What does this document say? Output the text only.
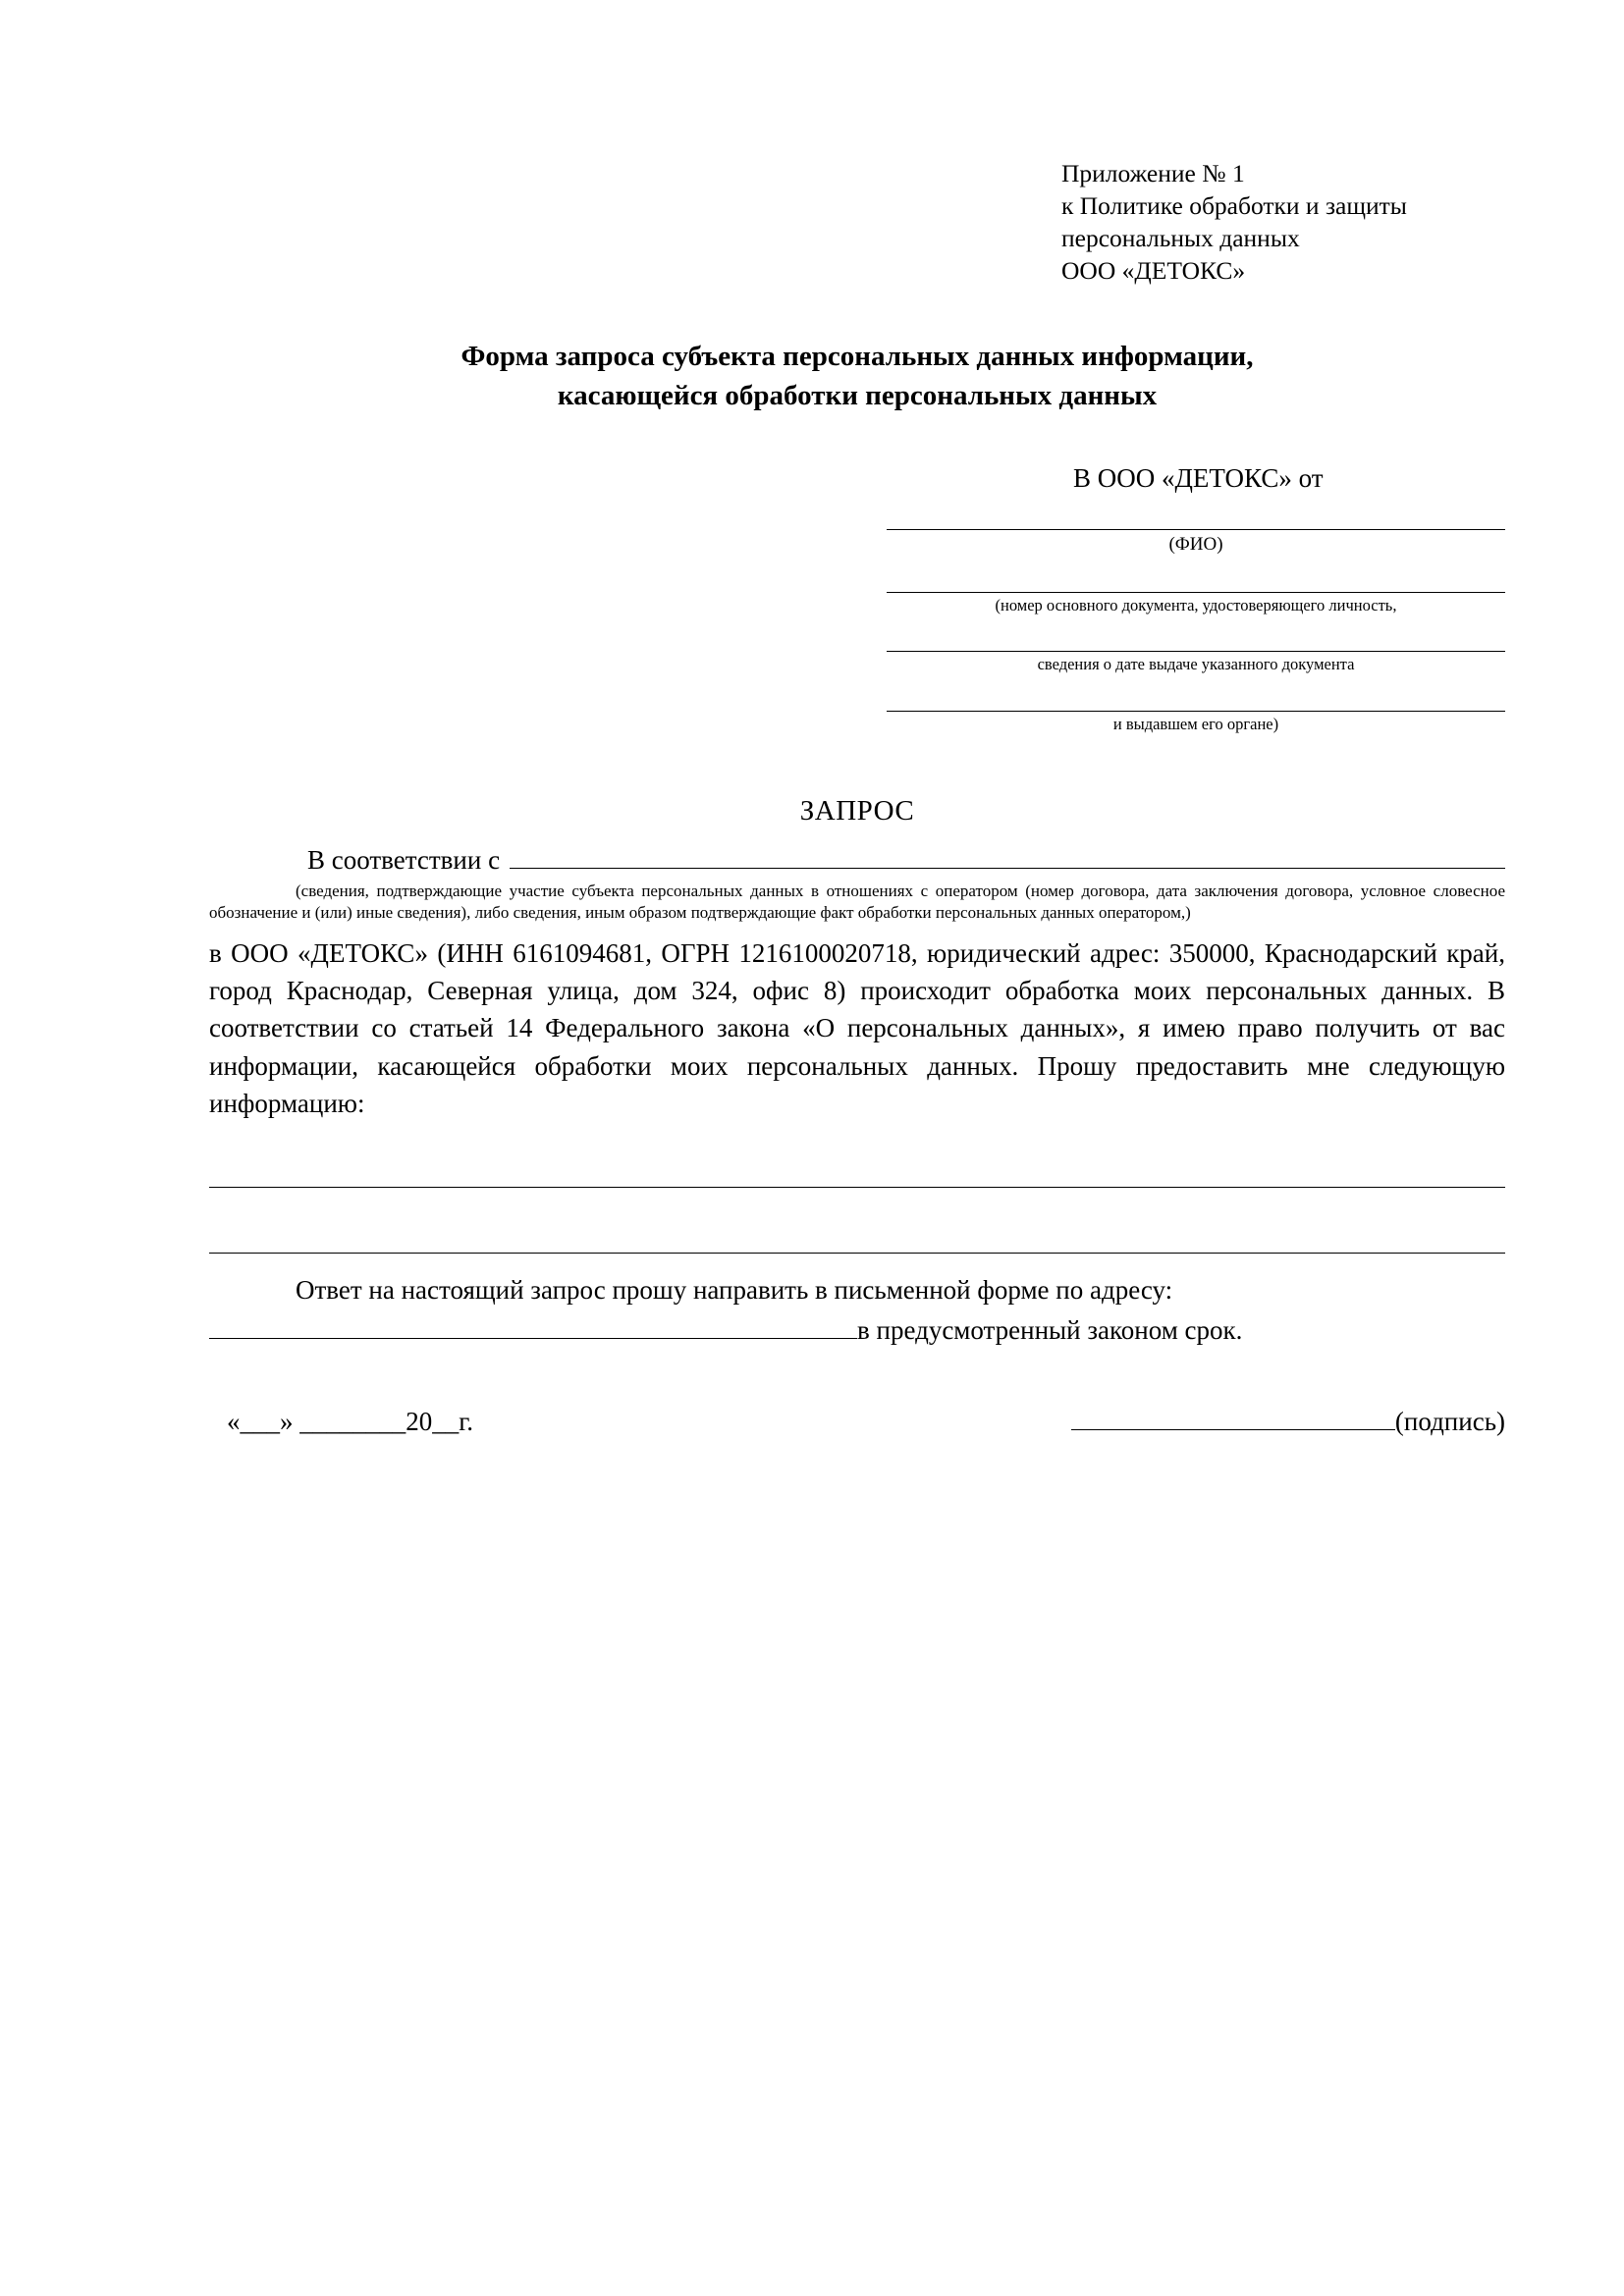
Приложение № 1
к Политике обработки и защиты
персональных данных
ООО «ДЕТОКС»
Форма запроса субъекта персональных данных информации,
касающейся обработки персональных данных
В ООО «ДЕТОКС» от
(ФИО)
(номер основного документа, удостоверяющего личность,
сведения о дате выдаче указанного документа
и выдавшем его органе)
ЗАПРОС
В соответствии с
(сведения, подтверждающие участие субъекта персональных данных в отношениях с оператором (номер договора, дата заключения договора, условное словесное обозначение и (или) иные сведения), либо сведения, иным образом подтверждающие факт обработки персональных данных оператором,)
в ООО «ДЕТОКС» (ИНН 6161094681, ОГРН 1216100020718, юридический адрес: 350000, Краснодарский край, город Краснодар, Северная улица, дом 324, офис 8) происходит обработка моих персональных данных. В соответствии со статьей 14 Федерального закона «О персональных данных», я имею право получить от вас информации, касающейся обработки моих персональных данных. Прошу предоставить мне следующую информацию:
Ответ на настоящий запрос прошу направить в письменной форме по адресу:
в предусмотренный законом срок.
«___» ________20__г.	(подпись)
